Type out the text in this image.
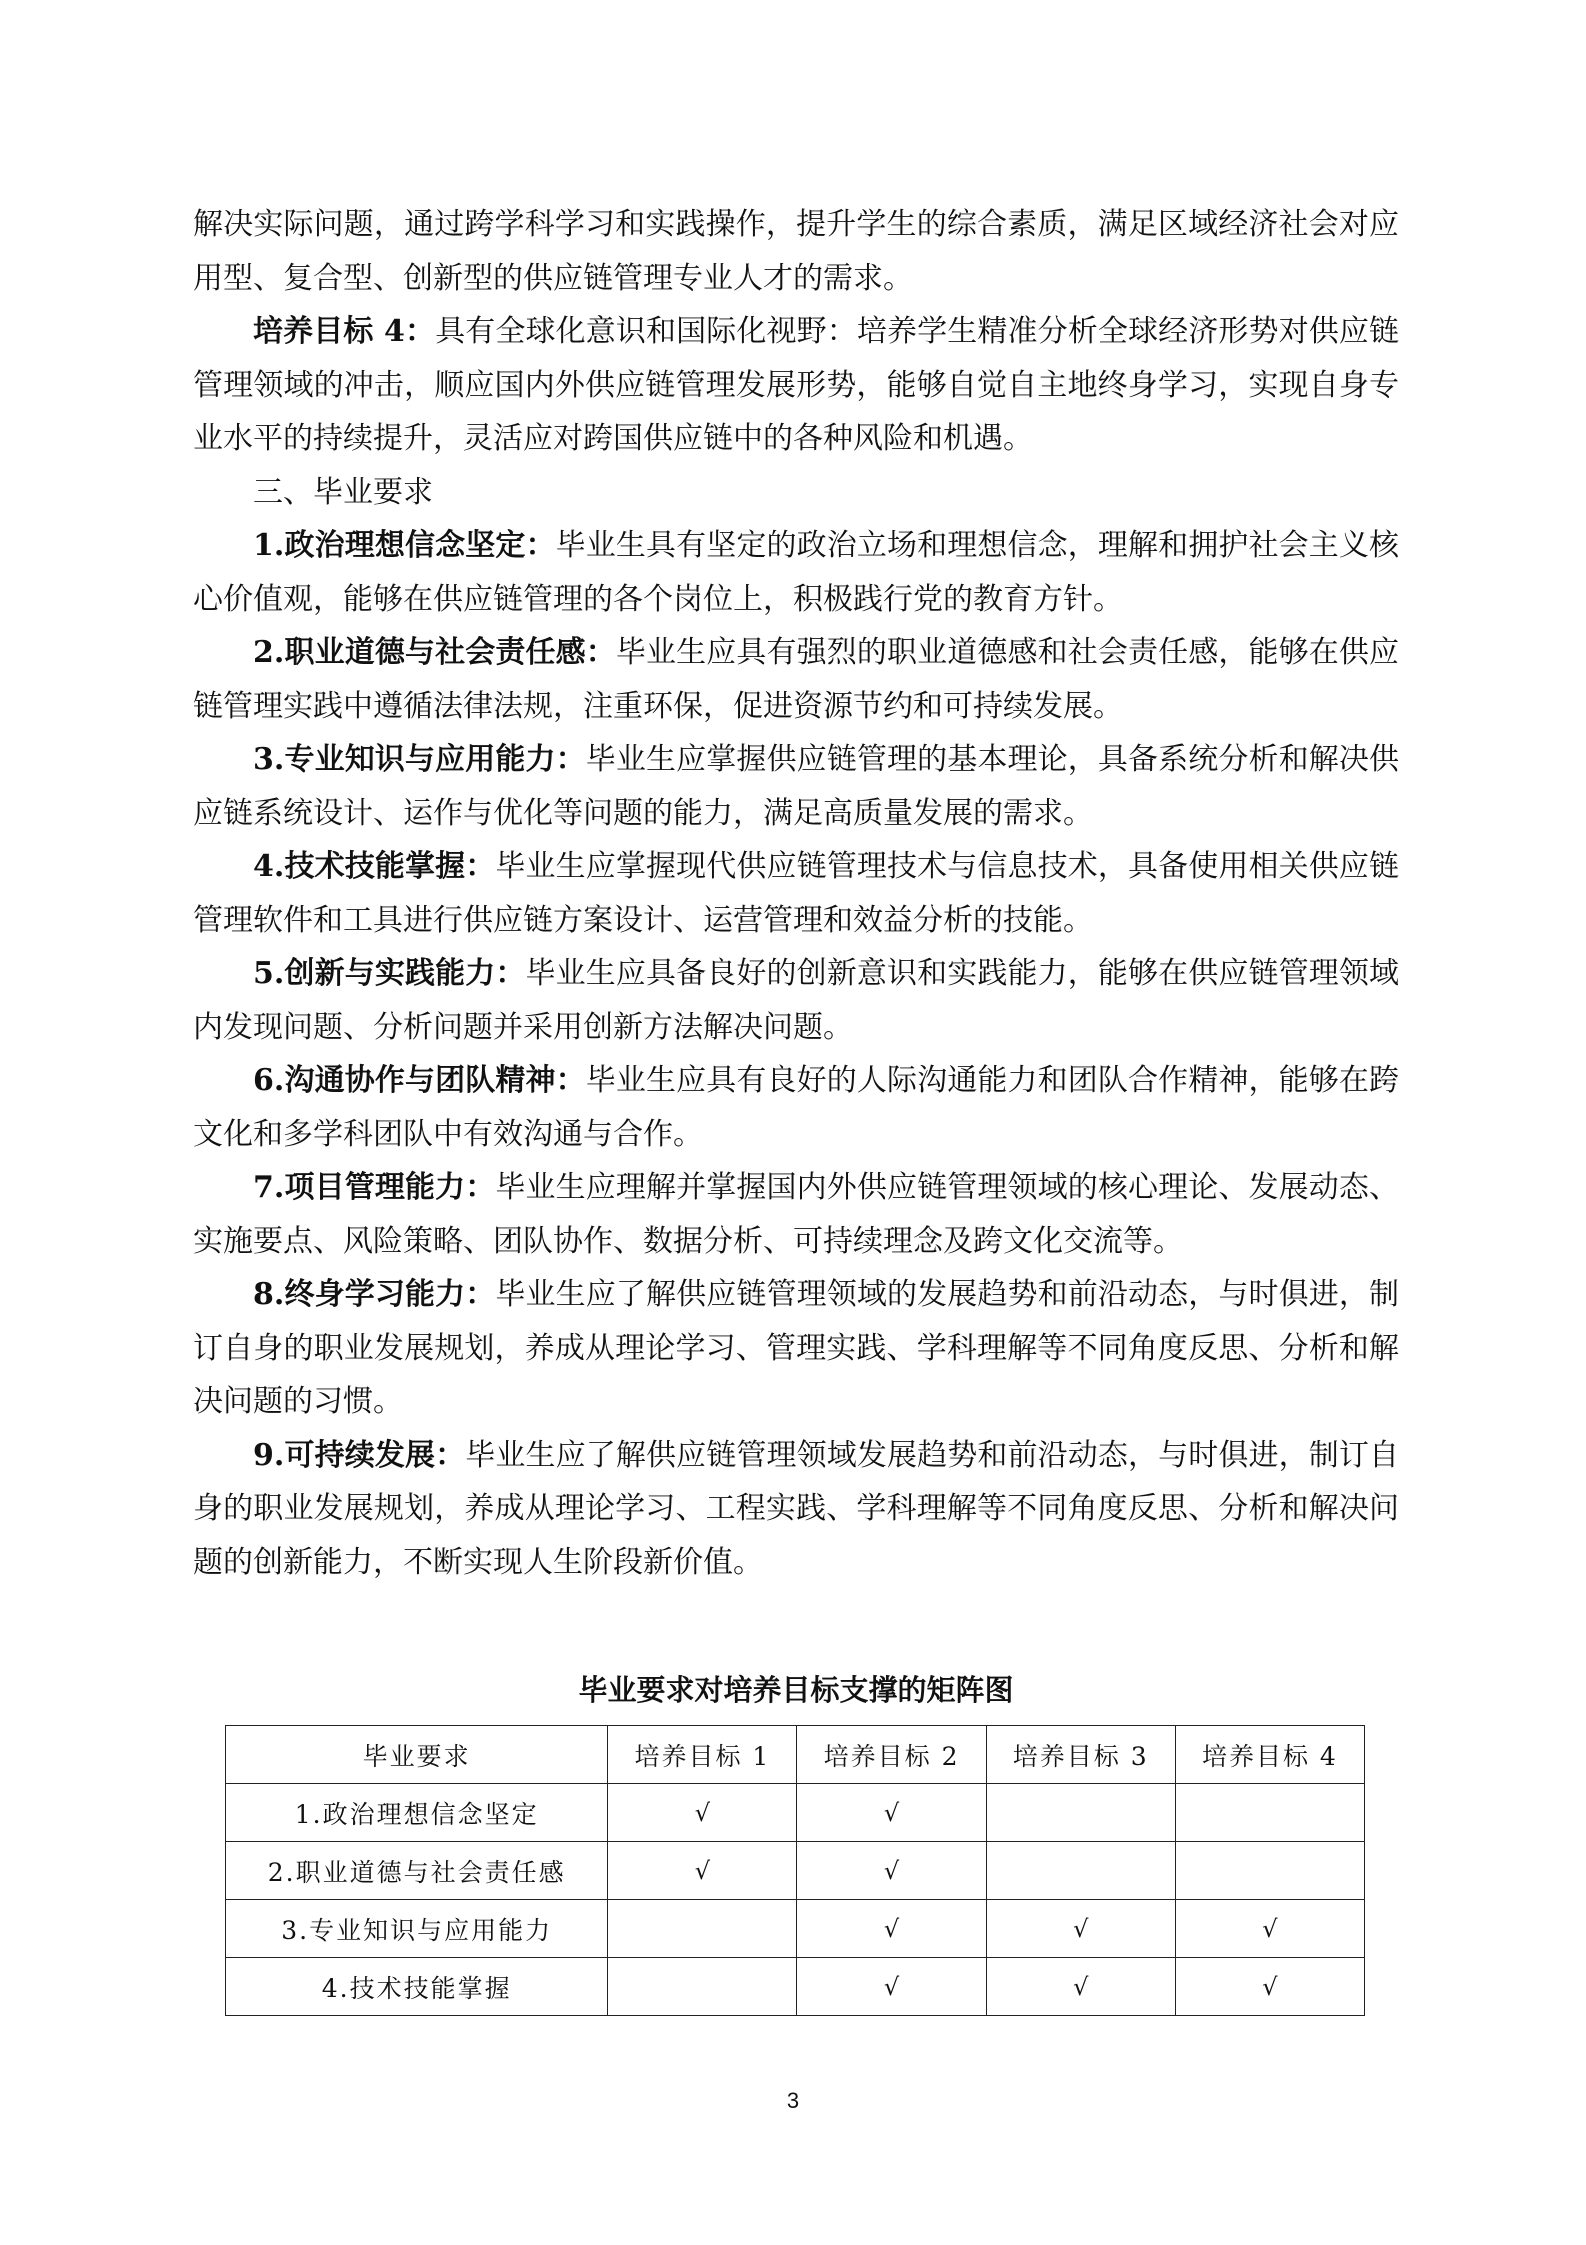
解决实际问题，通过跨学科学习和实践操作，提升学生的综合素质，满足区域经济社会对应用型、复合型、创新型的供应链管理专业人才的需求。

培养目标 4：具有全球化意识和国际化视野：培养学生精准分析全球经济形势对供应链管理领域的冲击，顺应国内外供应链管理发展形势，能够自觉自主地终身学习，实现自身专业水平的持续提升，灵活应对跨国供应链中的各种风险和机遇。

三、毕业要求

1.政治理想信念坚定：毕业生具有坚定的政治立场和理想信念，理解和拥护社会主义核心价值观，能够在供应链管理的各个岗位上，积极践行党的教育方针。

2.职业道德与社会责任感：毕业生应具有强烈的职业道德感和社会责任感，能够在供应链管理实践中遵循法律法规，注重环保，促进资源节约和可持续发展。

3.专业知识与应用能力：毕业生应掌握供应链管理的基本理论，具备系统分析和解决供应链系统设计、运作与优化等问题的能力，满足高质量发展的需求。

4.技术技能掌握：毕业生应掌握现代供应链管理技术与信息技术，具备使用相关供应链管理软件和工具进行供应链方案设计、运营管理和效益分析的技能。

5.创新与实践能力：毕业生应具备良好的创新意识和实践能力，能够在供应链管理领域内发现问题、分析问题并采用创新方法解决问题。

6.沟通协作与团队精神：毕业生应具有良好的人际沟通能力和团队合作精神，能够在跨文化和多学科团队中有效沟通与合作。

7.项目管理能力：毕业生应理解并掌握国内外供应链管理领域的核心理论、发展动态、实施要点、风险策略、团队协作、数据分析、可持续理念及跨文化交流等。

8.终身学习能力：毕业生应了解供应链管理领域的发展趋势和前沿动态，与时俱进，制订自身的职业发展规划，养成从理论学习、管理实践、学科理解等不同角度反思、分析和解决问题的习惯。

9.可持续发展：毕业生应了解供应链管理领域发展趋势和前沿动态，与时俱进，制订自身的职业发展规划，养成从理论学习、工程实践、学科理解等不同角度反思、分析和解决问题的创新能力，不断实现人生阶段新价值。

毕业要求对培养目标支撑的矩阵图
毕业要求	培养目标 1	培养目标 2	培养目标 3	培养目标 4
1.政治理想信念坚定	√	√		
2.职业道德与社会责任感	√	√		
3.专业知识与应用能力		√	√	√
4.技术技能掌握		√	√	√
3
